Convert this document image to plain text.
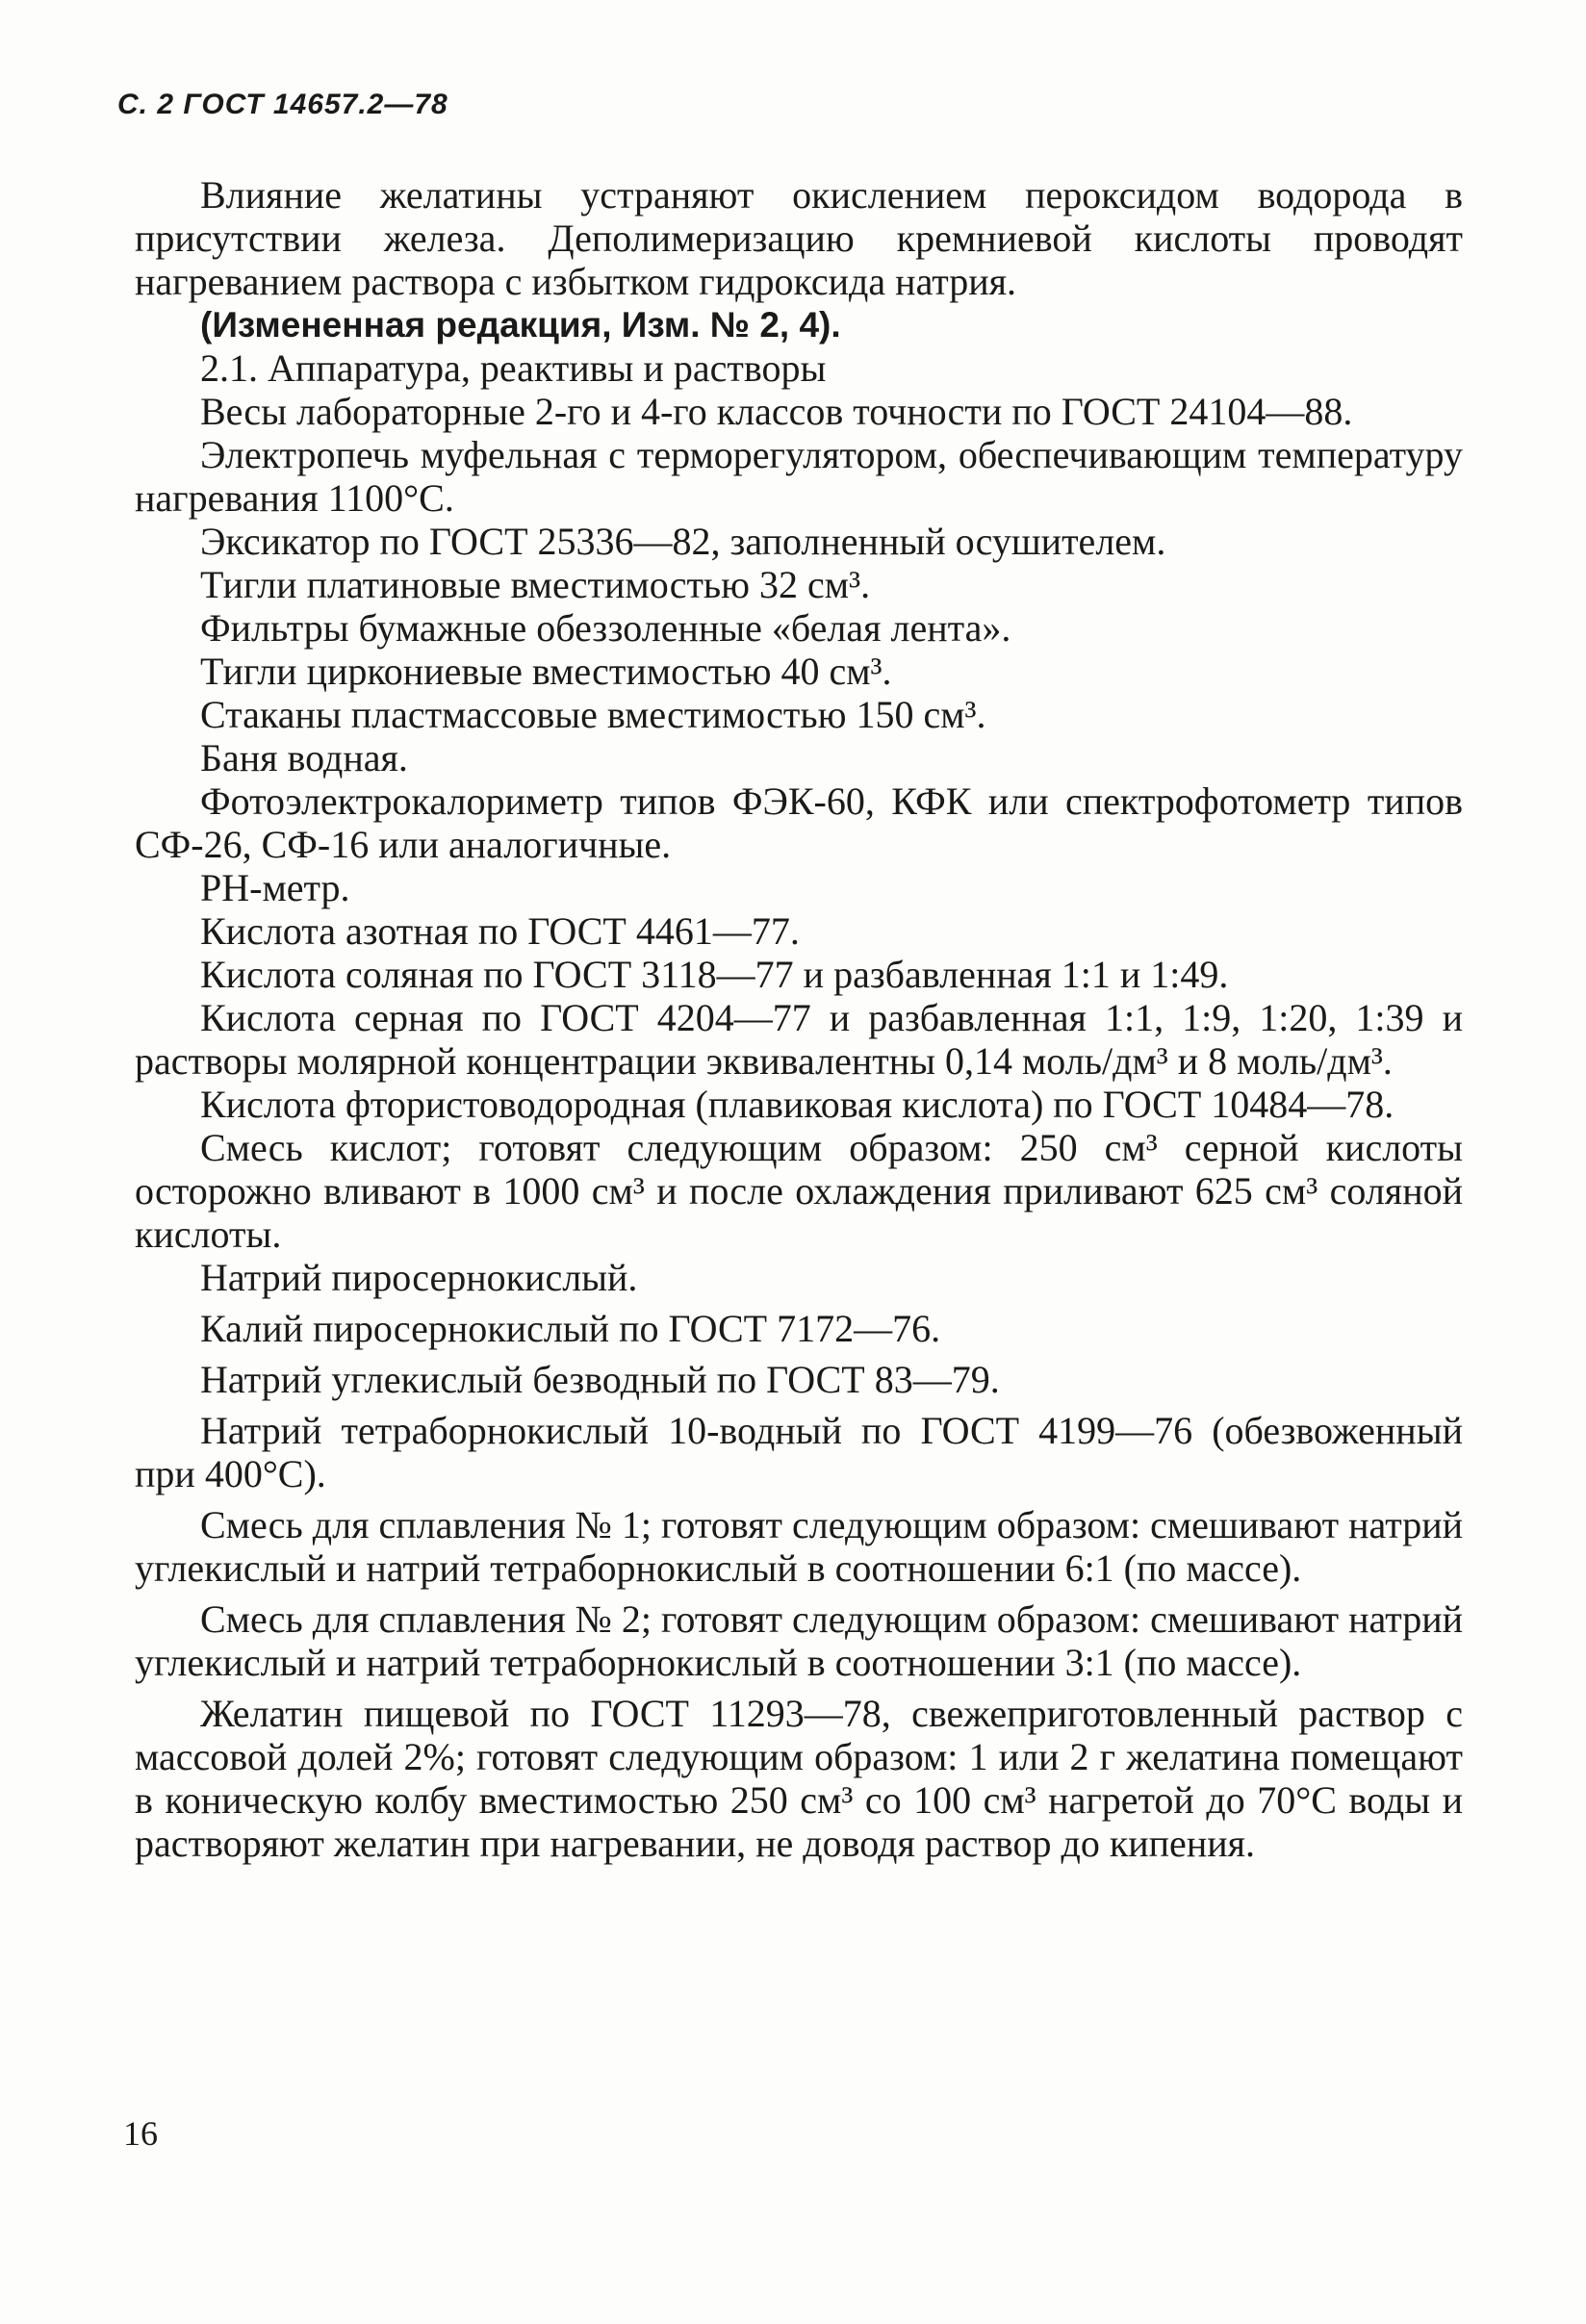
С. 2 ГОСТ 14657.2—78

Влияние желатины устраняют окислением пероксидом водорода в присутствии железа. Деполимеризацию кремниевой кислоты проводят нагреванием раствора с избытком гидроксида натрия.

(Измененная редакция, Изм. № 2, 4).

2.1. Аппаратура, реактивы и растворы

Весы лабораторные 2-го и 4-го классов точности по ГОСТ 24104—88.

Электропечь муфельная с терморегулятором, обеспечивающим температуру нагревания 1100°C.

Эксикатор по ГОСТ 25336—82, заполненный осушителем.

Тигли платиновые вместимостью 32 см³.

Фильтры бумажные обеззоленные «белая лента».

Тигли циркониевые вместимостью 40 см³.

Стаканы пластмассовые вместимостью 150 см³.

Баня водная.

Фотоэлектрокалориметр типов ФЭК-60, КФК или спектрофотометр типов СФ-26, СФ-16 или аналогичные.

РН-метр.

Кислота азотная по ГОСТ 4461—77.

Кислота соляная по ГОСТ 3118—77 и разбавленная 1:1 и 1:49.

Кислота серная по ГОСТ 4204—77 и разбавленная 1:1, 1:9, 1:20, 1:39 и растворы молярной концентрации эквивалентны 0,14 моль/дм³ и 8 моль/дм³.

Кислота фтористоводородная (плавиковая кислота) по ГОСТ 10484—78.

Смесь кислот; готовят следующим образом: 250 см³ серной кислоты осторожно вливают в 1000 см³ и после охлаждения приливают 625 см³ соляной кислоты.

Натрий пиросернокислый.

Калий пиросернокислый по ГОСТ 7172—76.

Натрий углекислый безводный по ГОСТ 83—79.

Натрий тетраборнокислый 10-водный по ГОСТ 4199—76 (обезвоженный при 400°C).

Смесь для сплавления № 1; готовят следующим образом: смешивают натрий углекислый и натрий тетраборнокислый в соотношении 6:1 (по массе).

Смесь для сплавления № 2; готовят следующим образом: смешивают натрий углекислый и натрий тетраборнокислый в соотношении 3:1 (по массе).

Желатин пищевой по ГОСТ 11293—78, свежеприготовленный раствор с массовой долей 2%; готовят следующим образом: 1 или 2 г желатина помещают в коническую колбу вместимостью 250 см³ со 100 см³ нагретой до 70°C воды и растворяют желатин при нагревании, не доводя раствор до кипения.

16
